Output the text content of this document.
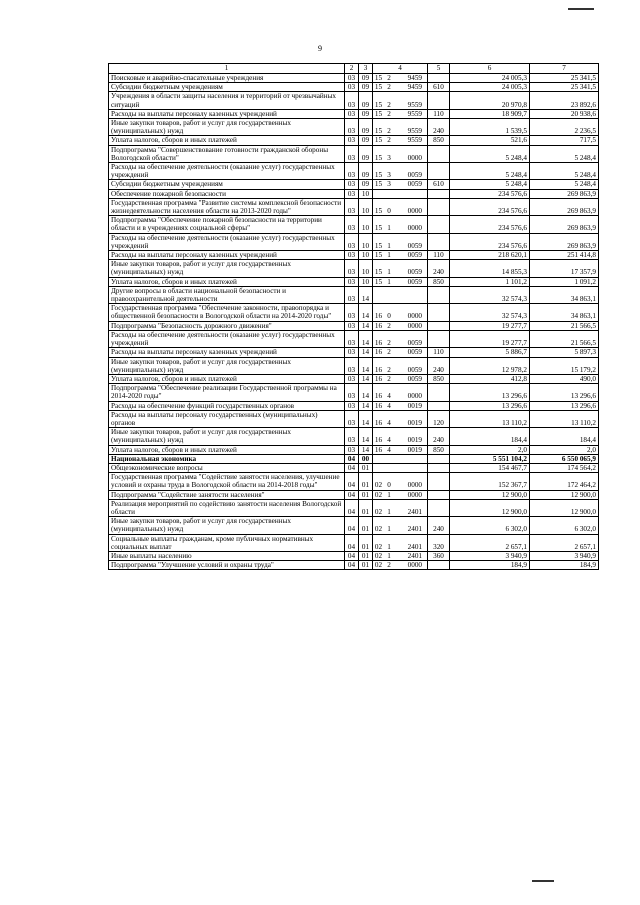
9
1	2	3	4	5	6	7
Поисковые и аварийно-спасательные учреждения	03	09	15 2 9459		24 005,3	25 341,5
Субсидии бюджетным учреждениям	03	09	15 2 9459	610	24 005,3	25 341,5
Учреждения в области защиты населения и территорий от чрезвычайных ситуаций	03	09	15 2 9559		20 970,8	23 892,6
Расходы на выплаты персоналу казенных учреждений	03	09	15 2 9559	110	18 909,7	20 938,6
Иные закупки товаров, работ и услуг для государственных (муниципальных) нужд	03	09	15 2 9559	240	1 539,5	2 236,5
Уплата налогов, сборов и иных платежей	03	09	15 2 9559	850	521,6	717,5
Подпрограмма "Совершенствование готовности гражданской обороны Вологодской области"	03	09	15 3 0000		5 248,4	5 248,4
Расходы на обеспечение деятельности (оказание услуг) государственных учреждений	03	09	15 3 0059		5 248,4	5 248,4
Субсидии бюджетным учреждениям	03	09	15 3 0059	610	5 248,4	5 248,4
Обеспечение пожарной безопасности	03	10			234 576,6	269 863,9
Государственная программа "Развитие системы комплексной безопасности жизнедеятельности населения области на 2013-2020 годы"	03	10	15 0 0000		234 576,6	269 863,9
Подпрограмма "Обеспечение пожарной безопасности на территории области и в учреждениях социальной сферы"	03	10	15 1 0000		234 576,6	269 863,9
Расходы на обеспечение деятельности (оказание услуг) государственных учреждений	03	10	15 1 0059		234 576,6	269 863,9
Расходы на выплаты персоналу казенных учреждений	03	10	15 1 0059	110	218 620,1	251 414,8
Иные закупки товаров, работ и услуг для государственных (муниципальных) нужд	03	10	15 1 0059	240	14 855,3	17 357,9
Уплата налогов, сборов и иных платежей	03	10	15 1 0059	850	1 101,2	1 091,2
Другие вопросы в области национальной безопасности и правоохранительной деятельности	03	14			32 574,3	34 863,1
Государственная программа "Обеспечение законности, правопорядка и общественной безопасности в Вологодской области на 2014-2020 годы"	03	14	16 0 0000		32 574,3	34 863,1
Подпрограмма "Безопасность дорожного движения"	03	14	16 2 0000		19 277,7	21 566,5
Расходы на обеспечение деятельности (оказание услуг) государственных учреждений	03	14	16 2 0059		19 277,7	21 566,5
Расходы на выплаты персоналу казенных учреждений	03	14	16 2 0059	110	5 886,7	5 897,3
Иные закупки товаров, работ и услуг для государственных (муниципальных) нужд	03	14	16 2 0059	240	12 978,2	15 179,2
Уплата налогов, сборов и иных платежей	03	14	16 2 0059	850	412,8	490,0
Подпрограмма "Обеспечение реализации Государственной программы на 2014-2020 годы"	03	14	16 4 0000		13 296,6	13 296,6
Расходы на обеспечение функций государственных органов	03	14	16 4 0019		13 296,6	13 296,6
Расходы на выплаты персоналу государственных (муниципальных) органов	03	14	16 4 0019	120	13 110,2	13 110,2
Иные закупки товаров, работ и услуг для государственных (муниципальных) нужд	03	14	16 4 0019	240	184,4	184,4
Уплата налогов, сборов и иных платежей	03	14	16 4 0019	850	2,0	2,0
Национальная экономика	04	00			5 551 104,2	6 550 065,9
Общеэкономические вопросы	04	01			154 467,7	174 564,2
Государственная программа "Содействие занятости населения, улучшение условий и охраны труда в Вологодской области на 2014-2018 годы"	04	01	02 0 0000		152 367,7	172 464,2
Подпрограмма "Содействие занятости населения"	04	01	02 1 0000		12 900,0	12 900,0
Реализация мероприятий по содействию занятости населения Вологодской области	04	01	02 1 2401		12 900,0	12 900,0
Иные закупки товаров, работ и услуг для государственных (муниципальных) нужд	04	01	02 1 2401	240	6 302,0	6 302,0
Социальные выплаты гражданам, кроме публичных нормативных социальных выплат	04	01	02 1 2401	320	2 657,1	2 657,1
Иные выплаты населению	04	01	02 1 2401	360	3 940,9	3 940,9
Подпрограмма "Улучшение условий и охраны труда"	04	01	02 2 0000		184,9	184,9
